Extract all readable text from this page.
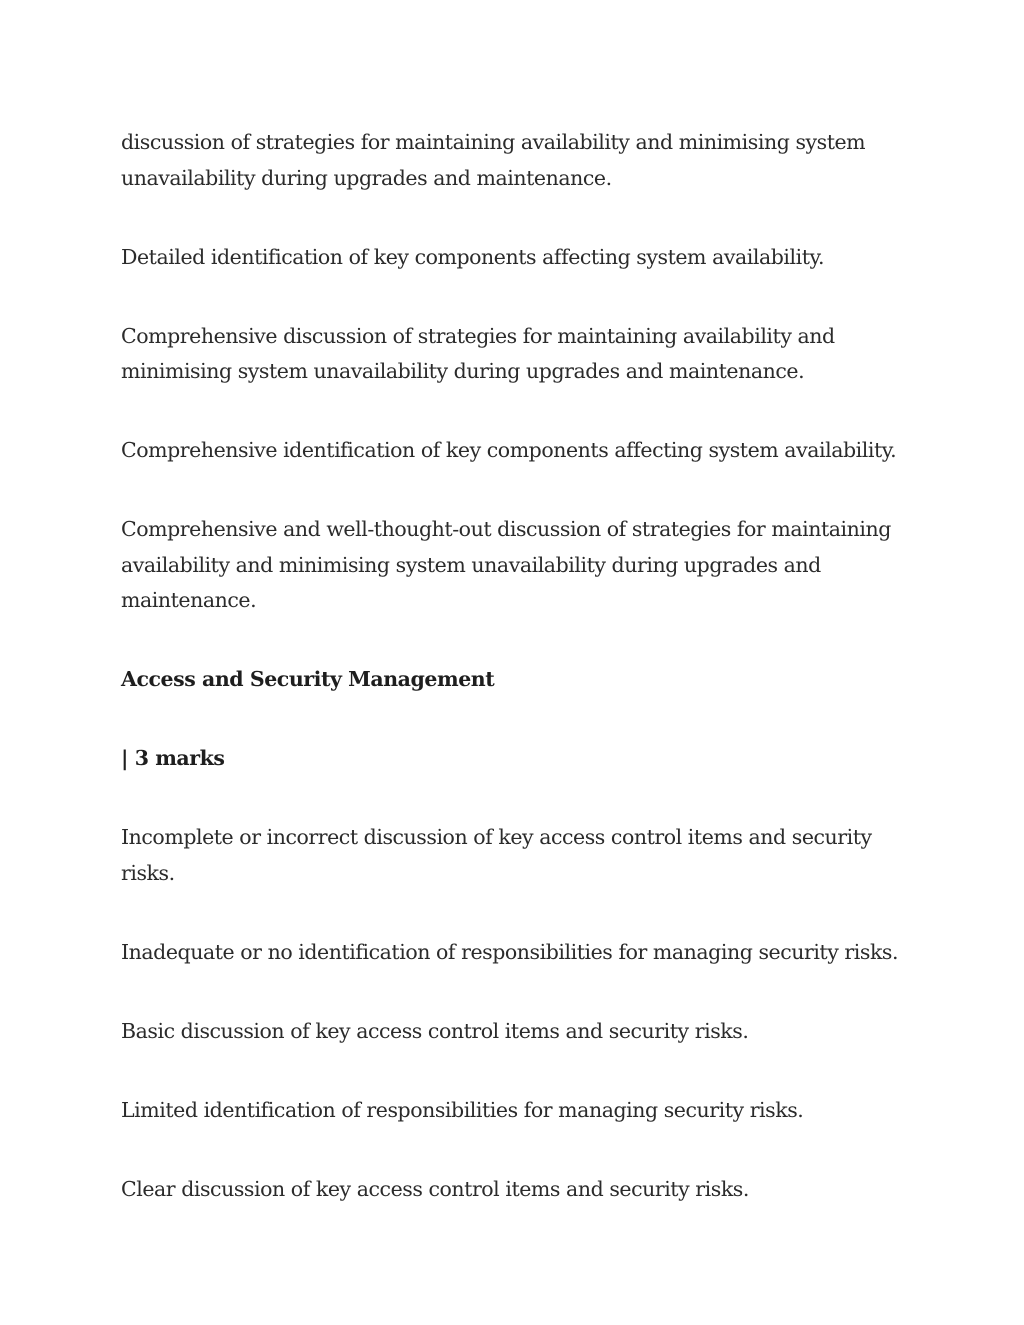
discussion of strategies for maintaining availability and minimising system unavailability during upgrades and maintenance.

Detailed identification of key components affecting system availability.

Comprehensive discussion of strategies for maintaining availability and minimising system unavailability during upgrades and maintenance.

Comprehensive identification of key components affecting system availability.

Comprehensive and well-thought-out discussion of strategies for maintaining availability and minimising system unavailability during upgrades and maintenance.

Access and Security Management

| 3 marks

Incomplete or incorrect discussion of key access control items and security risks.

Inadequate or no identification of responsibilities for managing security risks.

Basic discussion of key access control items and security risks.

Limited identification of responsibilities for managing security risks.

Clear discussion of key access control items and security risks.
